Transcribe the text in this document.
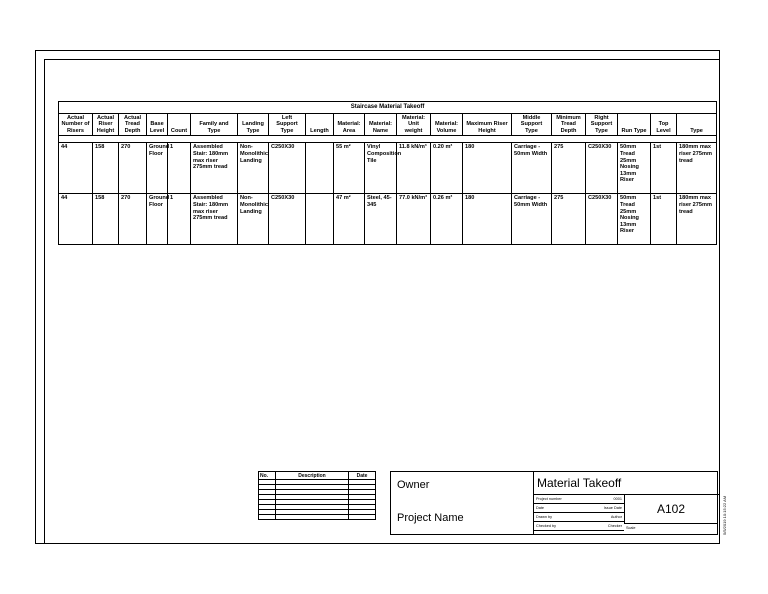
Staircase Material Takeoff																			
Actual Number of Risers	Actual Riser Height	Actual Tread Depth	Base Level	Count	Family and Type	Landing Type	Left Support Type	Length	Material: Area	Material: Name	Material: Unit weight	Material: Volume	Maximum Riser Height	Middle Support Type	Minimum Tread Depth	Right Support Type	Run Type	Top Level	Type

44	158	270	Ground Floor	1	Assembled Stair: 180mm max riser 275mm tread	Non-Monolithic Landing	C250X30		55 m²	Vinyl Composition Tile	11.8 kN/m³	0.20 m³	180	Carriage - 50mm Width	275	C250X30	50mm Tread 25mm Nosing 13mm Riser	1st	180mm max riser 275mm tread
44	158	270	Ground Floor	1	Assembled Stair: 180mm max riser 275mm tread	Non-Monolithic Landing	C250X30		47 m²	Steel, 45-345	77.0 kN/m³	0.26 m³	180	Carriage - 50mm Width	275	C250X30	50mm Tread 25mm Nosing 13mm Riser	1st	180mm max riser 275mm tread
No.	Description	Date

Owner
Project Name
Material Takeoff
Project number	0001
Date	Issue Date
Drawn by	Author
Checked by	Checker
A102
Scale	5/5/2019 10:15:22 AM
